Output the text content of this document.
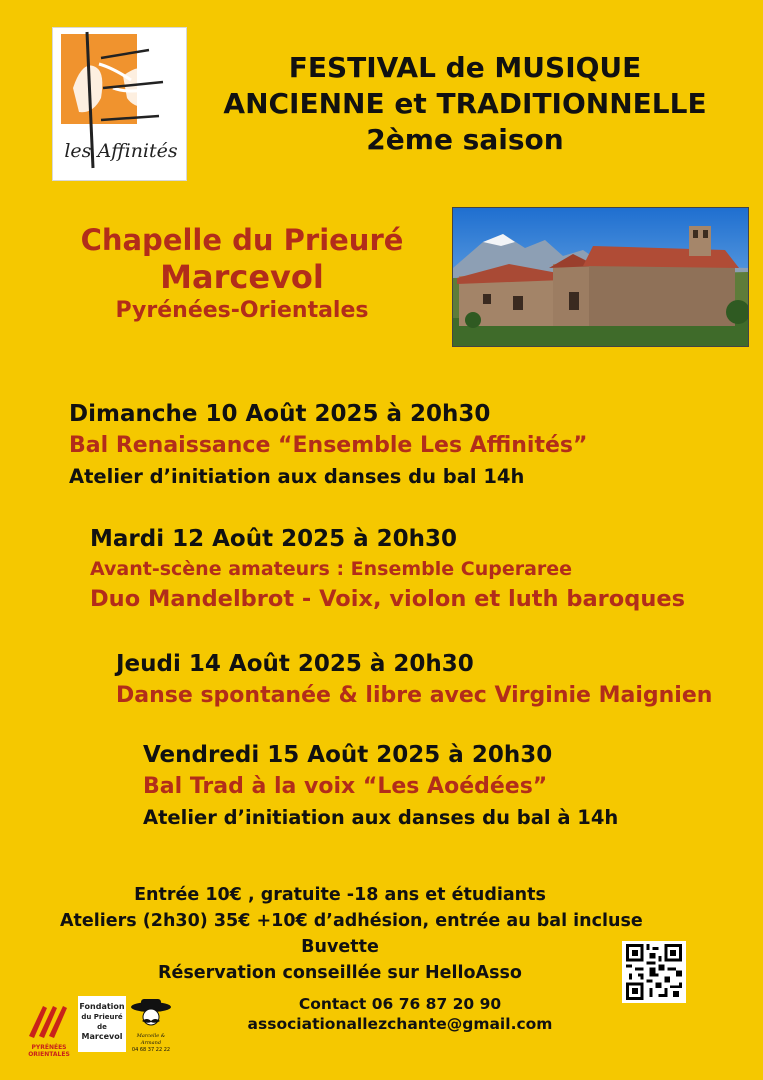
les Affinités
FESTIVAL de MUSIQUE
ANCIENNE et TRADITIONNELLE
2ème saison
Chapelle du Prieuré
Marcevol
Pyrénées-Orientales
Dimanche 10 Août 2025 à 20h30
Bal Renaissance “Ensemble Les Affinités”
Atelier d’initiation aux danses du bal 14h
Mardi 12 Août 2025 à 20h30
Avant-scène amateurs : Ensemble Cuperaree
Duo Mandelbrot - Voix, violon et luth baroques
Jeudi 14 Août 2025 à 20h30
Danse spontanée & libre avec Virginie Maignien
Vendredi 15 Août 2025 à 20h30
Bal Trad à la voix “Les Aoédées”
Atelier d’initiation aux danses du bal à 14h
Entrée 10€ , gratuite -18 ans et étudiants
Ateliers (2h30) 35€ +10€ d’adhésion, entrée au bal incluse
Buvette
Réservation conseillée sur HelloAsso
Contact 06 76 87 20 90
associationallezchante@gmail.com
PYRÉNÉES ORIENTALES
Fondation
du Prieuré de
Marcevol	Marcelle & Armand
04 68 37 22 22
